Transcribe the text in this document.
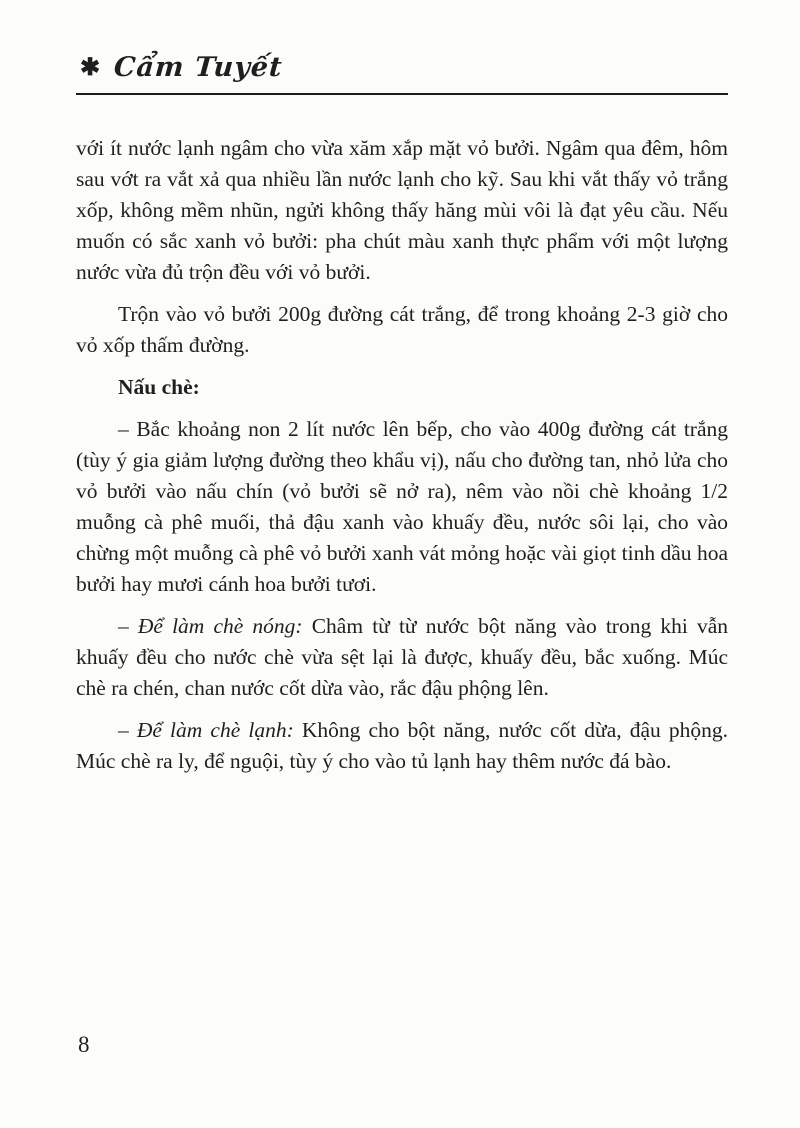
✱ Cẩm Tuyết

với ít nước lạnh ngâm cho vừa xăm xắp mặt vỏ bưởi. Ngâm qua đêm, hôm sau vớt ra vắt xả qua nhiều lần nước lạnh cho kỹ. Sau khi vắt thấy vỏ trắng xốp, không mềm nhũn, ngửi không thấy hăng mùi vôi là đạt yêu cầu. Nếu muốn có sắc xanh vỏ bưởi: pha chút màu xanh thực phẩm với một lượng nước vừa đủ trộn đều với vỏ bưởi.

Trộn vào vỏ bưởi 200g đường cát trắng, để trong khoảng 2-3 giờ cho vỏ xốp thấm đường.

Nấu chè:

– Bắc khoảng non 2 lít nước lên bếp, cho vào 400g đường cát trắng (tùy ý gia giảm lượng đường theo khẩu vị), nấu cho đường tan, nhỏ lửa cho vỏ bưởi vào nấu chín (vỏ bưởi sẽ nở ra), nêm vào nồi chè khoảng 1/2 muỗng cà phê muối, thả đậu xanh vào khuấy đều, nước sôi lại, cho vào chừng một muỗng cà phê vỏ bưởi xanh vát mỏng hoặc vài giọt tinh dầu hoa bưởi hay mươi cánh hoa bưởi tươi.

– Để làm chè nóng: Châm từ từ nước bột năng vào trong khi vẫn khuấy đều cho nước chè vừa sệt lại là được, khuấy đều, bắc xuống. Múc chè ra chén, chan nước cốt dừa vào, rắc đậu phộng lên.

– Để làm chè lạnh: Không cho bột năng, nước cốt dừa, đậu phộng. Múc chè ra ly, để nguội, tùy ý cho vào tủ lạnh hay thêm nước đá bào.

8
